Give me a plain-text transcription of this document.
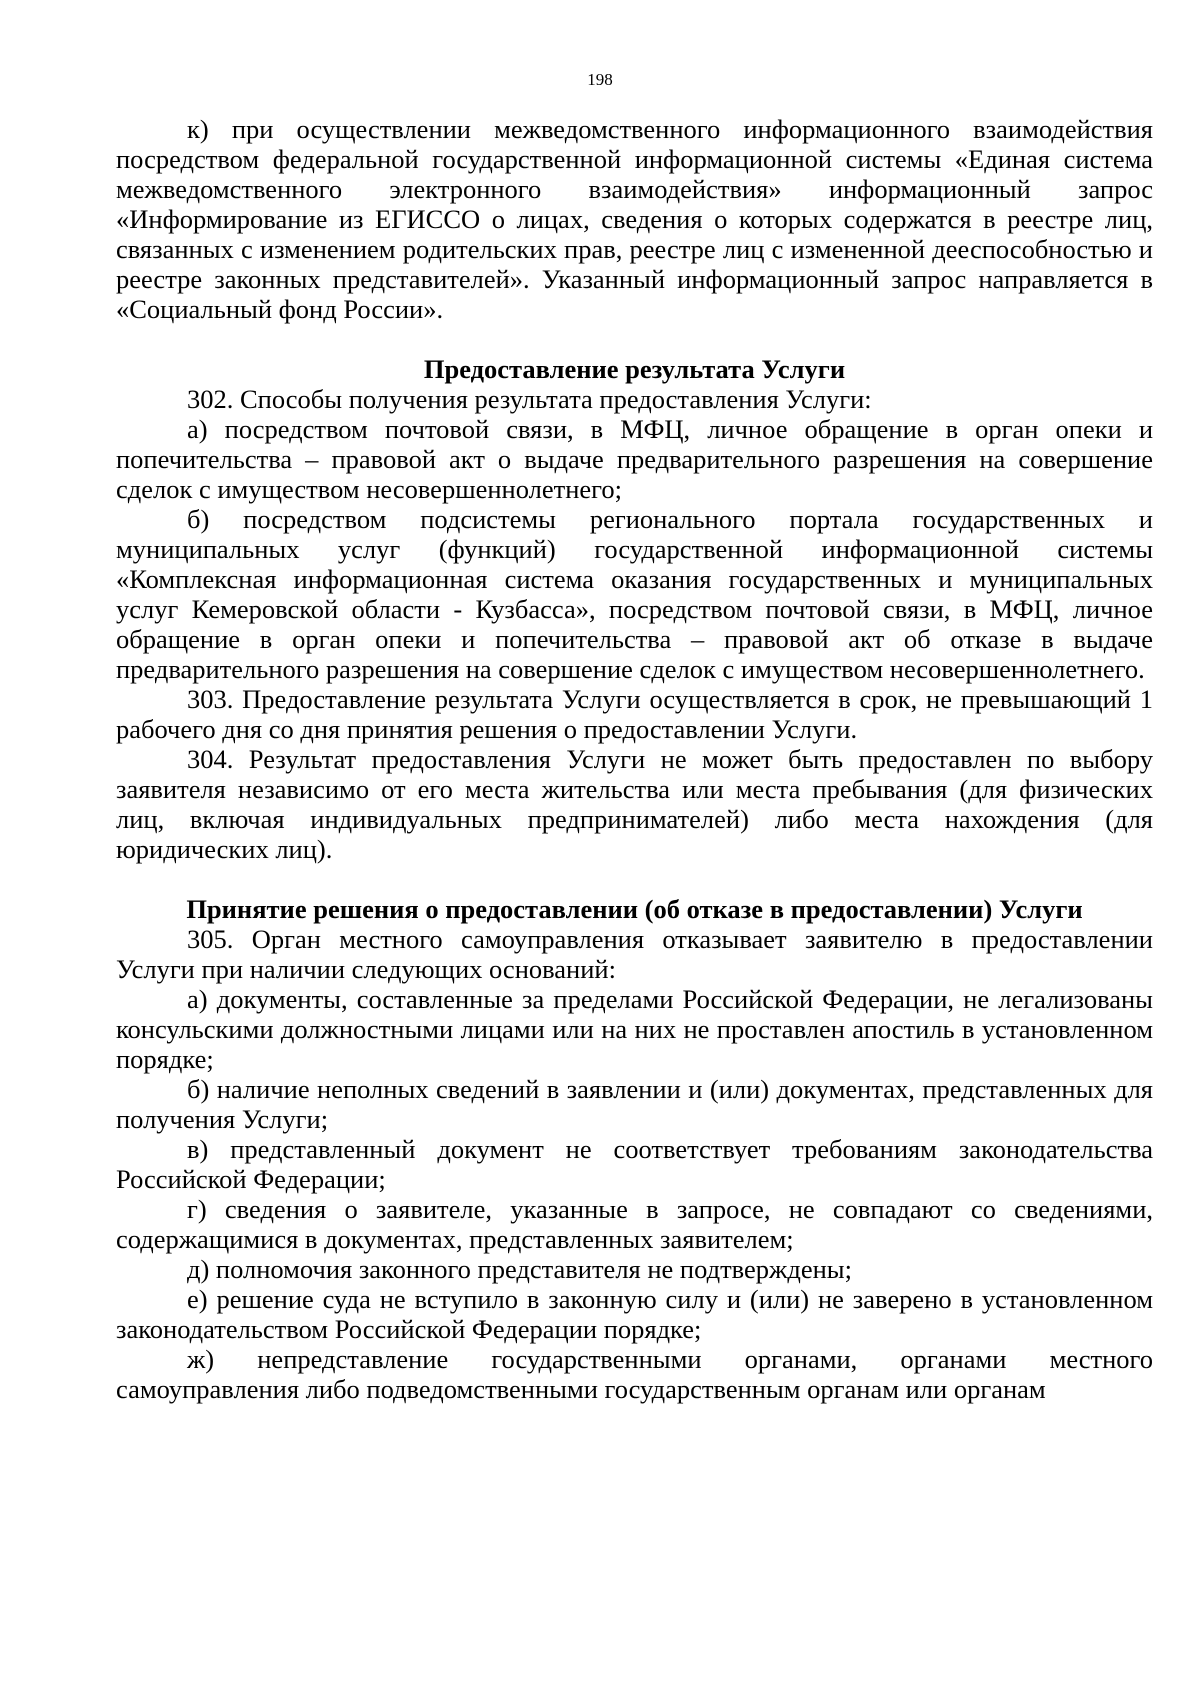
198

к) при осуществлении межведомственного информационного взаимодействия посредством федеральной государственной информационной системы «Единая система межведомственного электронного взаимодействия» информационный запрос «Информирование из ЕГИССО о лицах, сведения о которых содержатся в реестре лиц, связанных с изменением родительских прав, реестре лиц с измененной дееспособностью и реестре законных представителей». Указанный информационный запрос направляется в «Социальный фонд России».

Предоставление результата Услуги

302. Способы получения результата предоставления Услуги:

а) посредством почтовой связи, в МФЦ, личное обращение в орган опеки и попечительства – правовой акт о выдаче предварительного разрешения на совершение сделок с имуществом несовершеннолетнего;

б) посредством подсистемы регионального портала государственных и муниципальных услуг (функций) государственной информационной системы «Комплексная информационная система оказания государственных и муниципальных услуг Кемеровской области - Кузбасса», посредством почтовой связи, в МФЦ, личное обращение в орган опеки и попечительства – правовой акт об отказе в выдаче предварительного разрешения на совершение сделок с имуществом несовершеннолетнего.

303. Предоставление результата Услуги осуществляется в срок, не превышающий 1 рабочего дня со дня принятия решения о предоставлении Услуги.

304. Результат предоставления Услуги не может быть предоставлен по выбору заявителя независимо от его места жительства или места пребывания (для физических лиц, включая индивидуальных предпринимателей) либо места нахождения (для юридических лиц).

Принятие решения о предоставлении (об отказе в предоставлении) Услуги

305. Орган местного самоуправления отказывает заявителю в предоставлении Услуги при наличии следующих оснований:

а) документы, составленные за пределами Российской Федерации, не легализованы консульскими должностными лицами или на них не проставлен апостиль в установленном порядке;

б) наличие неполных сведений в заявлении и (или) документах, представленных для получения Услуги;

в) представленный документ не соответствует требованиям законодательства Российской Федерации;

г) сведения о заявителе, указанные в запросе, не совпадают со сведениями, содержащимися в документах, представленных заявителем;

д) полномочия законного представителя не подтверждены;

е) решение суда не вступило в законную силу и (или) не заверено в установленном законодательством Российской Федерации порядке;

ж) непредставление государственными органами, органами местного самоуправления либо подведомственными государственным органам или органам
